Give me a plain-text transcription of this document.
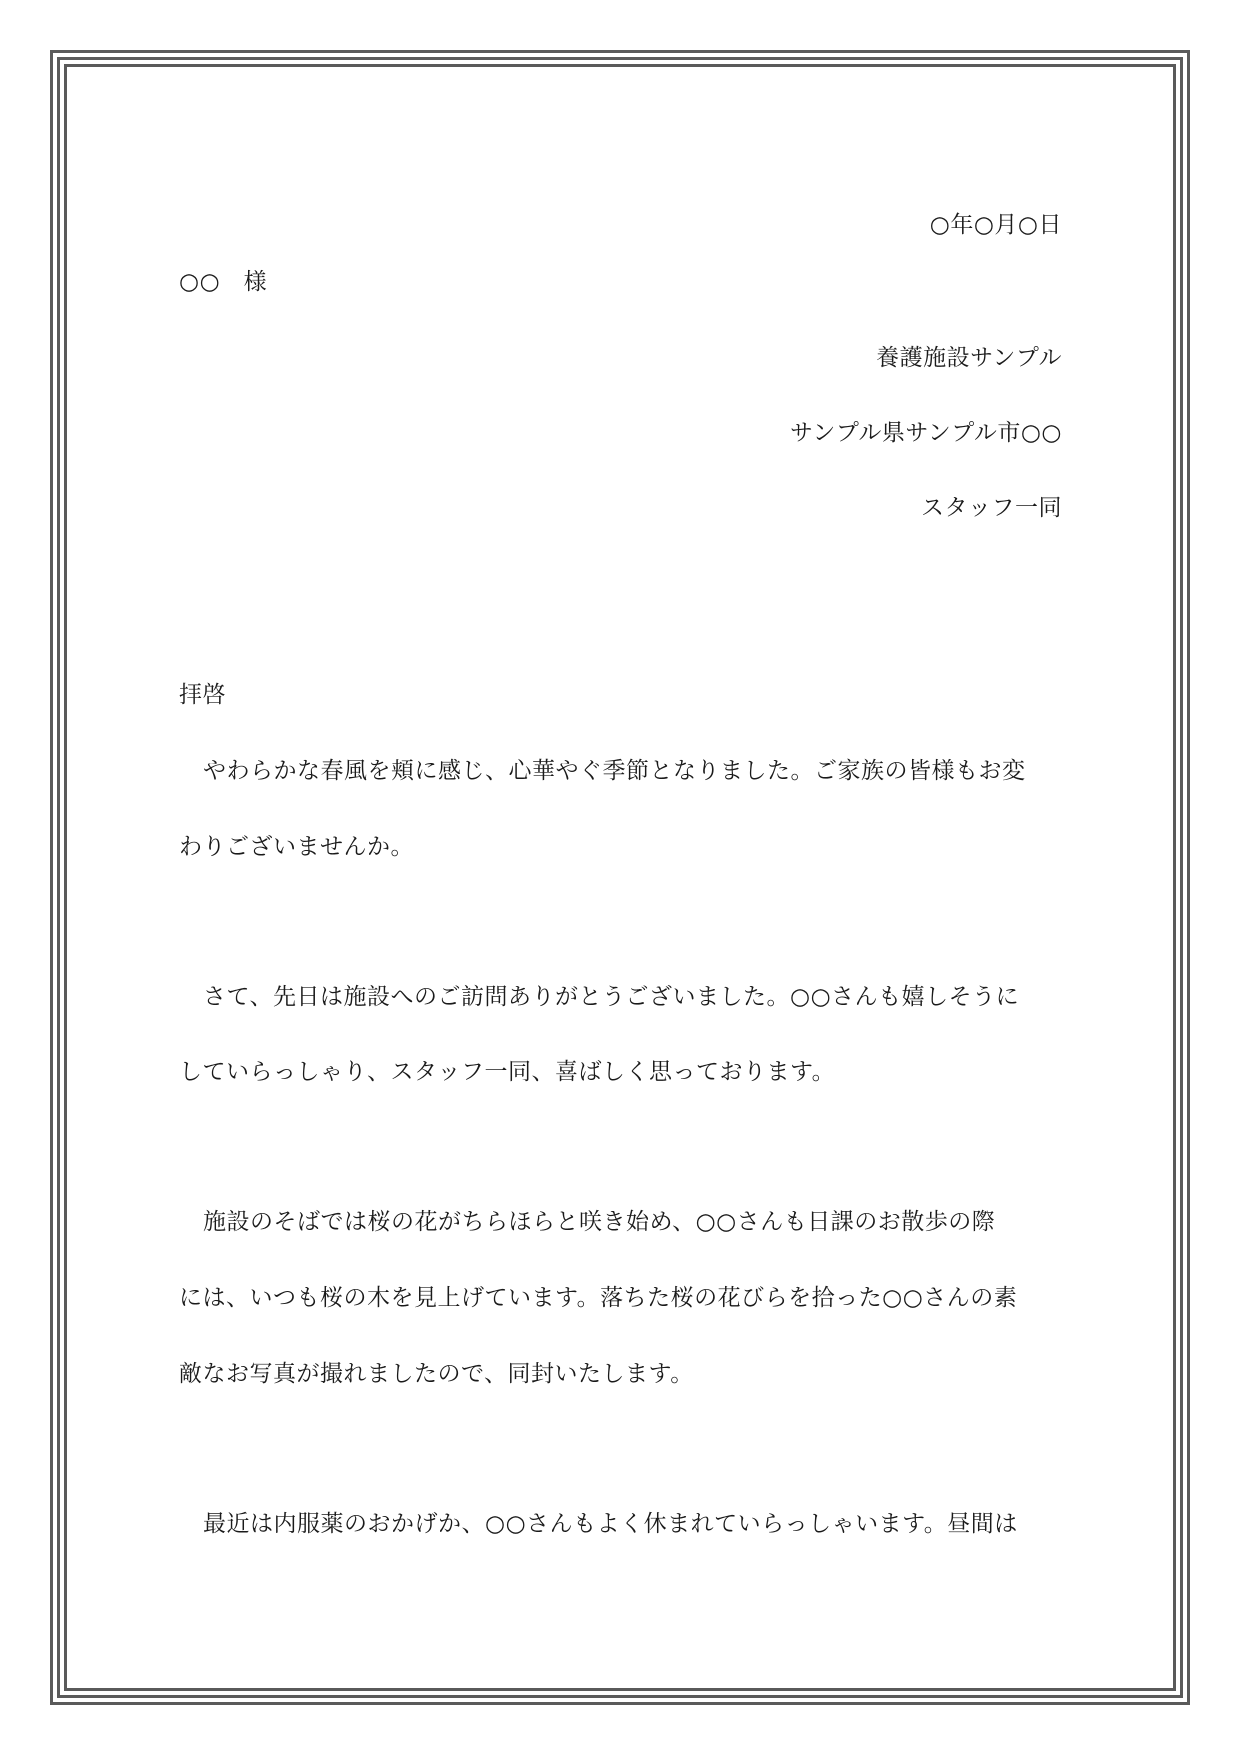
○年○月○日
○○　様
養護施設サンプル
サンプル県サンプル市○○
スタッフ一同
拝啓
やわらかな春風を頬に感じ、心華やぐ季節となりました。ご家族の皆様もお変
わりございませんか。
さて、先日は施設へのご訪問ありがとうございました。○○さんも嬉しそうに
していらっしゃり、スタッフ一同、喜ばしく思っております。
施設のそばでは桜の花がちらほらと咲き始め、○○さんも日課のお散歩の際
には、いつも桜の木を見上げています。落ちた桜の花びらを拾った○○さんの素
敵なお写真が撮れましたので、同封いたします。
最近は内服薬のおかげか、○○さんもよく休まれていらっしゃいます。昼間は
